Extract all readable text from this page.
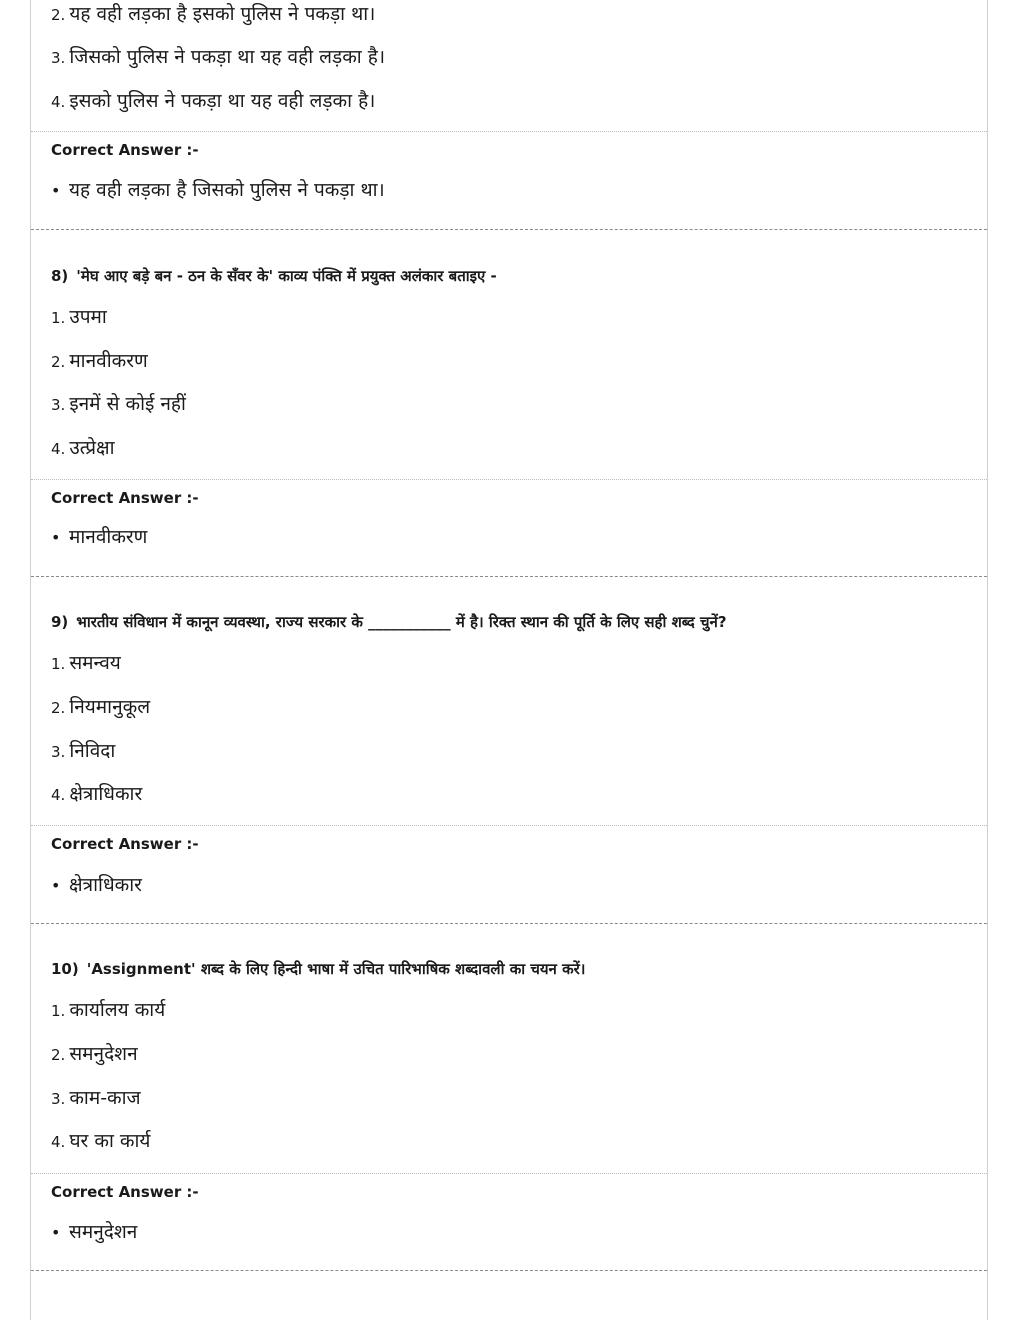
2. यह वही लड़का है इसको पुलिस ने पकड़ा था।
3. जिसको पुलिस ने पकड़ा था यह वही लड़का है।
4. इसको पुलिस ने पकड़ा था यह वही लड़का है।
Correct Answer :-
• यह वही लड़का है जिसको पुलिस ने पकड़ा था।
8) 'मेघ आए बड़े बन - ठन के सँवर के' काव्य पंक्ति में प्रयुक्त अलंकार बताइए -
1. उपमा
2. मानवीकरण
3. इनमें से कोई नहीं
4. उत्प्रेक्षा
Correct Answer :-
• मानवीकरण
9) भारतीय संविधान में कानून व्यवस्था, राज्य सरकार के ___________ में है। रिक्त स्थान की पूर्ति के लिए सही शब्द चुनें?
1. समन्वय
2. नियमानुकूल
3. निविदा
4. क्षेत्राधिकार
Correct Answer :-
• क्षेत्राधिकार
10) 'Assignment' शब्द के लिए हिन्दी भाषा में उचित पारिभाषिक शब्दावली का चयन करें।
1. कार्यालय कार्य
2. समनुदेशन
3. काम-काज
4. घर का कार्य
Correct Answer :-
• समनुदेशन
